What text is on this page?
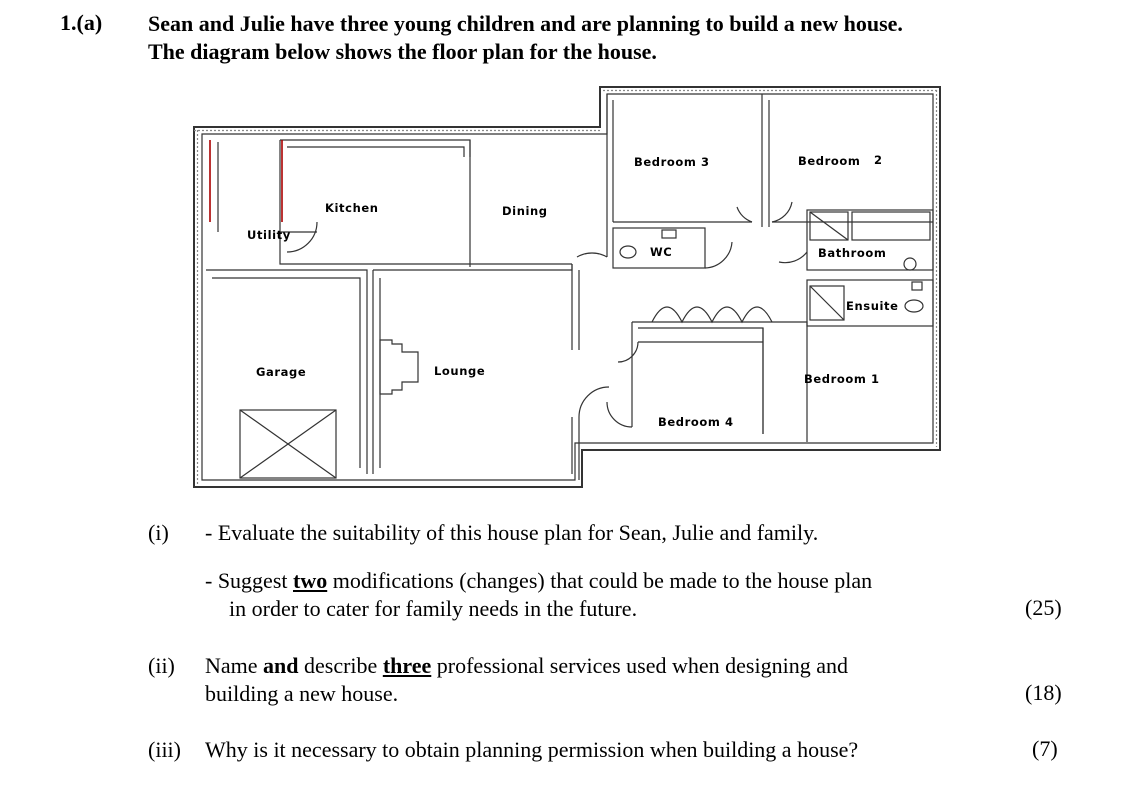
1.(a) Sean and Julie have three young children and are planning to build a new house.
The diagram below shows the floor plan for the house.
Bedroom 3	Bedroom 2
Kitchen	Dining
Utility
WC	Bathroom
Ensuite
Garage	Lounge
Bedroom 1
Bedroom 4
(i) - Evaluate the suitability of this house plan for Sean, Julie and family.
- Suggest two modifications (changes) that could be made to the house plan
in order to cater for family needs in the future.	(25)
(ii) Name and describe three professional services used when designing and
building a new house.	(18)
(iii) Why is it necessary to obtain planning permission when building a house?	(7)
